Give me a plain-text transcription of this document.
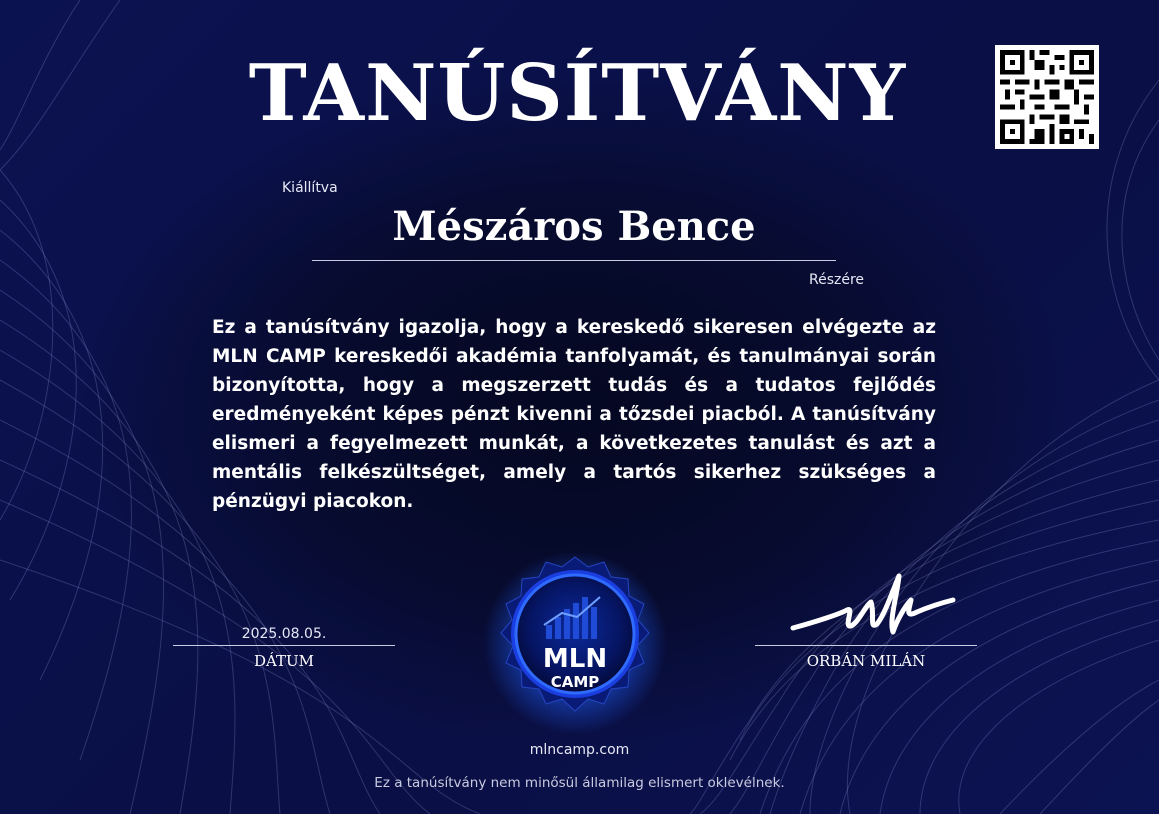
TANÚSÍTVÁNY
Kiállítva
Mészáros Bence
Részére
Ez a tanúsítvány igazolja, hogy a kereskedő sikeresen elvégezte az MLN CAMP kereskedői akadémia tanfolyamát, és tanulmányai során bizonyította, hogy a megszerzett tudás és a tudatos fejlődés eredményeként képes pénzt kivenni a tőzsdei piacból. A tanúsítvány elismeri a fegyelmezett munkát, a következetes tanulást és azt a mentális felkészültséget, amely a tartós sikerhez szükséges a pénzügyi piacokon.
2025.08.05.
DÁTUM	MLN
CAMP
ORBÁN MILÁN
mlncamp.com
Ez a tanúsítvány nem minősül államilag elismert oklevélnek.
